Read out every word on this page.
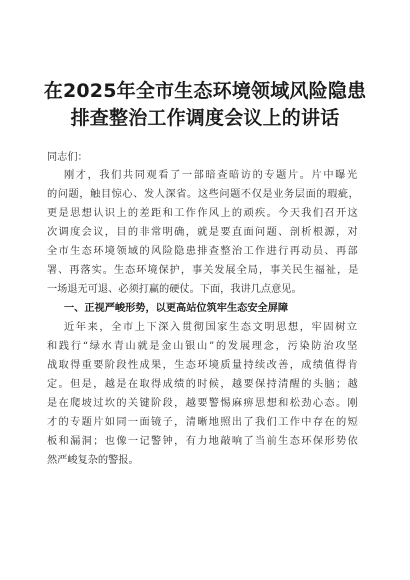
在2025年全市生态环境领域风险隐患
排查整治工作调度会议上的讲话
同志们：
刚才，我们共同观看了一部暗查暗访的专题片。片中曝光
的问题，触目惊心、发人深省。这些问题不仅是业务层面的瑕疵，
更是思想认识上的差距和工作作风上的顽疾。今天我们召开这
次调度会议，目的非常明确，就是要直面问题、剖析根源，对
全市生态环境领域的风险隐患排查整治工作进行再动员、再部
署、再落实。生态环境保护，事关发展全局，事关民生福祉，是
一场退无可退、必须打赢的硬仗。下面，我讲几点意见。
一、正视严峻形势，以更高站位筑牢生态安全屏障
近年来，全市上下深入贯彻国家生态文明思想，牢固树立
和践行“绿水青山就是金山银山”的发展理念，污染防治攻坚
战取得重要阶段性成果，生态环境质量持续改善，成绩值得肯
定。但是，越是在取得成绩的时候，越要保持清醒的头脑；越
是在爬坡过坎的关键阶段，越要警惕麻痹思想和松劲心态。刚
才的专题片如同一面镜子，清晰地照出了我们工作中存在的短
板和漏洞；也像一记警钟，有力地敲响了当前生态环保形势依
然严峻复杂的警报。
